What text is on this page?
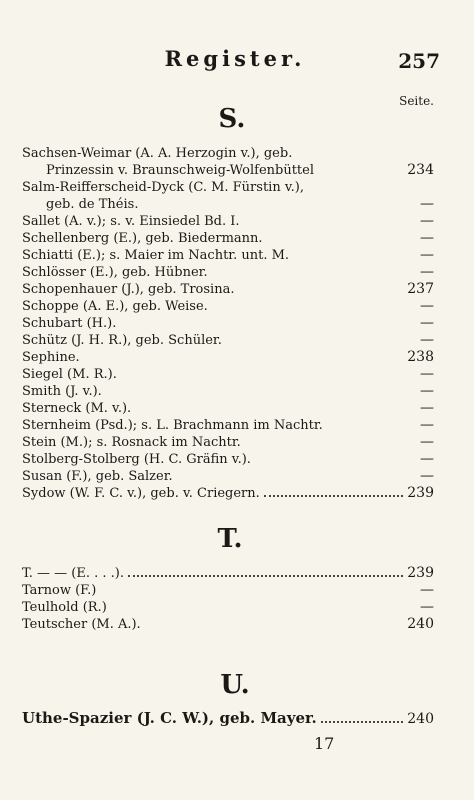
Register.	257
Seite.
S.
Sachsen-Weimar (A. A. Herzogin v.), geb.
Prinzessin v. Braunschweig-Wolfenbüttel	234
Salm-Reifferscheid-Dyck (C. M. Fürstin v.),
geb. de Théis.	—
Sallet (A. v.); s. v. Einsiedel Bd. I.	—
Schellenberg (E.), geb. Biedermann.	—
Schiatti (E.); s. Maier im Nachtr. unt. M.	—
Schlösser (E.), geb. Hübner.	—
Schopenhauer (J.), geb. Trosina.	237
Schoppe (A. E.), geb. Weise.	—
Schubart (H.).	—
Schütz (J. H. R.), geb. Schüler.	—
Sephine.	238
Siegel (M. R.).	—
Smith (J. v.).	—
Sterneck (M. v.).	—
Sternheim (Psd.); s. L. Brachmann im Nachtr.	—
Stein (M.); s. Rosnack im Nachtr.	—
Stolberg-Stolberg (H. C. Gräfin v.).	—
Susan (F.), geb. Salzer.	—
Sydow (W. F. C. v.), geb. v. Criegern.	239
T.
T. — — (E. . . .).	239
Tarnow (F.)	—
Teulhold (R.)	—
Teutscher (M. A.).	240
U.
Uthe-Spazier (J. C. W.), geb. Mayer.	240
17
